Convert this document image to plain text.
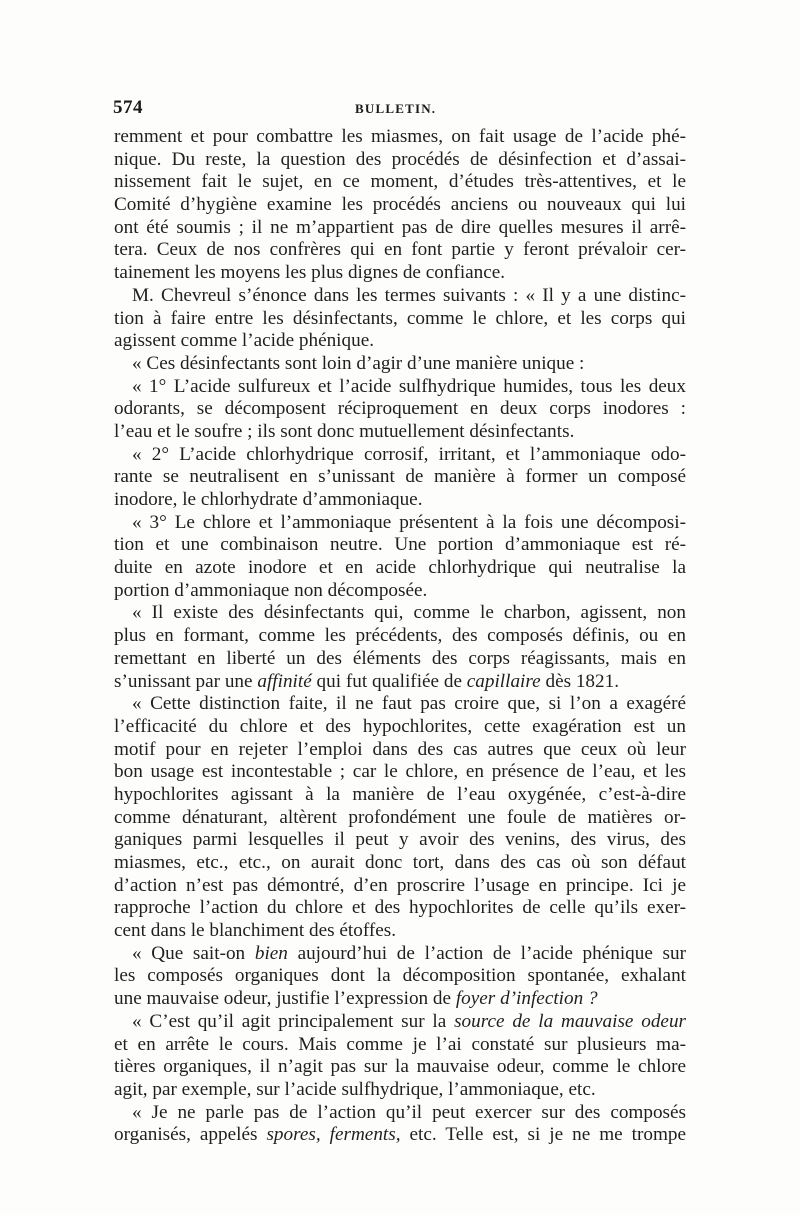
574	BULLETIN.
remment et pour combattre les miasmes, on fait usage de l’acide phé-
nique. Du reste, la question des procédés de désinfection et d’assai-
nissement fait le sujet, en ce moment, d’études très-attentives, et le
Comité d’hygiène examine les procédés anciens ou nouveaux qui lui
ont été soumis ; il ne m’appartient pas de dire quelles mesures il arrê-
tera. Ceux de nos confrères qui en font partie y feront prévaloir cer-
tainement les moyens les plus dignes de confiance.
M. Chevreul s’énonce dans les termes suivants : « Il y a une distinc-
tion à faire entre les désinfectants, comme le chlore, et les corps qui
agissent comme l’acide phénique.
« Ces désinfectants sont loin d’agir d’une manière unique :
« 1° L’acide sulfureux et l’acide sulfhydrique humides, tous les deux
odorants, se décomposent réciproquement en deux corps inodores :
l’eau et le soufre ; ils sont donc mutuellement désinfectants.
« 2° L’acide chlorhydrique corrosif, irritant, et l’ammoniaque odo-
rante se neutralisent en s’unissant de manière à former un composé
inodore, le chlorhydrate d’ammoniaque.
« 3° Le chlore et l’ammoniaque présentent à la fois une décomposi-
tion et une combinaison neutre. Une portion d’ammoniaque est ré-
duite en azote inodore et en acide chlorhydrique qui neutralise la
portion d’ammoniaque non décomposée.
« Il existe des désinfectants qui, comme le charbon, agissent, non
plus en formant, comme les précédents, des composés définis, ou en
remettant en liberté un des éléments des corps réagissants, mais en
s’unissant par une affinité qui fut qualifiée de capillaire dès 1821.
« Cette distinction faite, il ne faut pas croire que, si l’on a exagéré
l’efficacité du chlore et des hypochlorites, cette exagération est un
motif pour en rejeter l’emploi dans des cas autres que ceux où leur
bon usage est incontestable ; car le chlore, en présence de l’eau, et les
hypochlorites agissant à la manière de l’eau oxygénée, c’est-à-dire
comme dénaturant, altèrent profondément une foule de matières or-
ganiques parmi lesquelles il peut y avoir des venins, des virus, des
miasmes, etc., etc., on aurait donc tort, dans des cas où son défaut
d’action n’est pas démontré, d’en proscrire l’usage en principe. Ici je
rapproche l’action du chlore et des hypochlorites de celle qu’ils exer-
cent dans le blanchiment des étoffes.
« Que sait-on bien aujourd’hui de l’action de l’acide phénique sur
les composés organiques dont la décomposition spontanée, exhalant
une mauvaise odeur, justifie l’expression de foyer d’infection ?
« C’est qu’il agit principalement sur la source de la mauvaise odeur
et en arrête le cours. Mais comme je l’ai constaté sur plusieurs ma-
tières organiques, il n’agit pas sur la mauvaise odeur, comme le chlore
agit, par exemple, sur l’acide sulfhydrique, l’ammoniaque, etc.
« Je ne parle pas de l’action qu’il peut exercer sur des composés
organisés, appelés spores, ferments, etc. Telle est, si je ne me trompe
